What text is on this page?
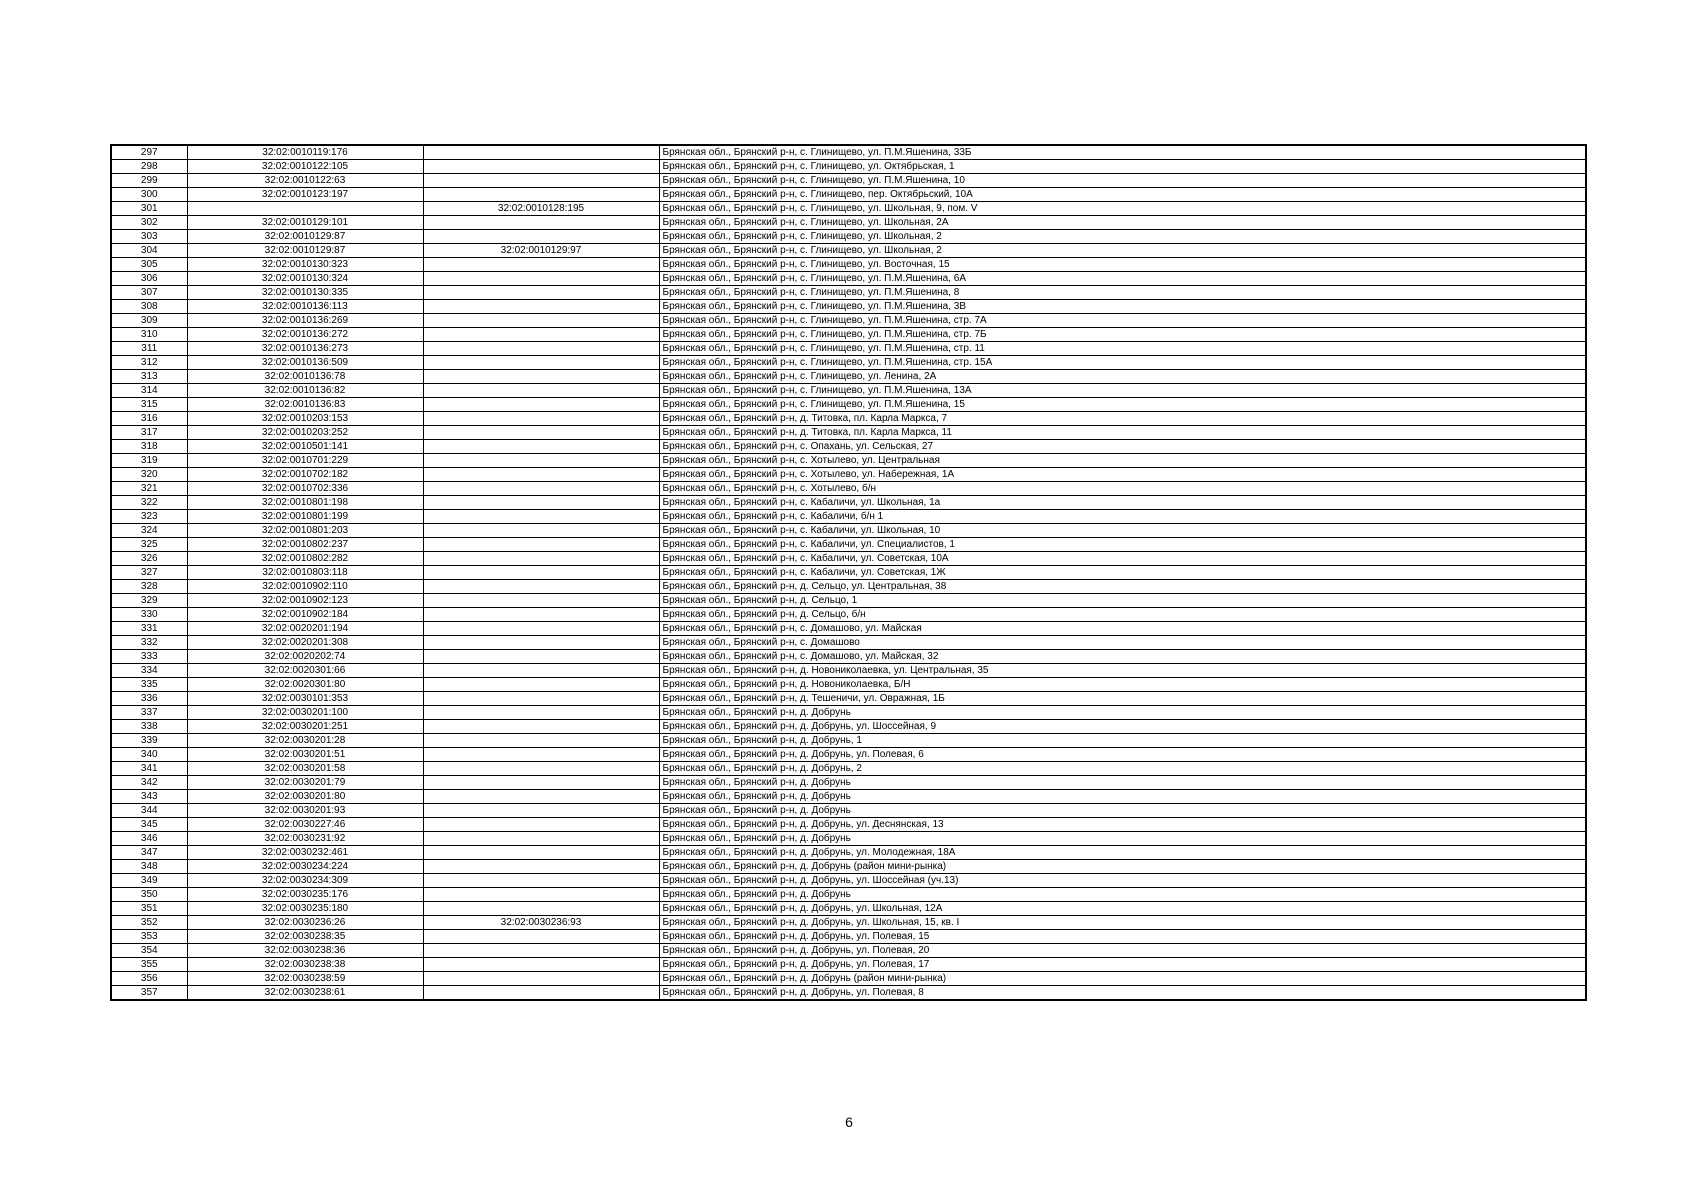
297	32:02:0010119:176		Брянская обл., Брянский р-н, с. Глинищево, ул. П.М.Яшенина, 33Б
298	32:02:0010122:105		Брянская обл., Брянский р-н, с. Глинищево, ул. Октябрьская, 1
299	32:02:0010122:63		Брянская обл., Брянский р-н, с. Глинищево, ул. П.М.Яшенина, 10
300	32:02:0010123:197		Брянская обл., Брянский р-н, с. Глинищево, пер. Октябрьский, 10А
301		32:02:0010128:195	Брянская обл., Брянский р-н, с. Глинищево, ул. Школьная, 9, пом. V
302	32:02:0010129:101		Брянская обл., Брянский р-н, с. Глинищево, ул. Школьная, 2А
303	32:02:0010129:87		Брянская обл., Брянский р-н, с. Глинищево, ул. Школьная, 2
304	32:02:0010129:87	32:02:0010129:97	Брянская обл., Брянский р-н, с. Глинищево, ул. Школьная, 2
305	32:02:0010130:323		Брянская обл., Брянский р-н, с. Глинищево, ул. Восточная, 15
306	32:02:0010130:324		Брянская обл., Брянский р-н, с. Глинищево, ул. П.М.Яшенина, 6А
307	32:02:0010130:335		Брянская обл., Брянский р-н, с. Глинищево, ул. П.М.Яшенина, 8
308	32:02:0010136:113		Брянская обл., Брянский р-н, с. Глинищево, ул. П.М.Яшенина, 3В
309	32:02:0010136:269		Брянская обл., Брянский р-н, с. Глинищево, ул. П.М.Яшенина, стр. 7А
310	32:02:0010136:272		Брянская обл., Брянский р-н, с. Глинищево, ул. П.М.Яшенина, стр. 7Б
311	32:02:0010136:273		Брянская обл., Брянский р-н, с. Глинищево, ул. П.М.Яшенина, стр. 11
312	32:02:0010136:509		Брянская обл., Брянский р-н, с. Глинищево, ул. П.М.Яшенина, стр. 15А
313	32:02:0010136:78		Брянская обл., Брянский р-н, с. Глинищево, ул. Ленина, 2А
314	32:02:0010136:82		Брянская обл., Брянский р-н, с. Глинищево, ул. П.М.Яшенина, 13А
315	32:02:0010136:83		Брянская обл., Брянский р-н, с. Глинищево, ул. П.М.Яшенина, 15
316	32:02:0010203:153		Брянская обл., Брянский р-н, д. Титовка, пл. Карла Маркса, 7
317	32:02:0010203:252		Брянская обл., Брянский р-н, д. Титовка, пл. Карла Маркса, 11
318	32:02:0010501:141		Брянская обл., Брянский р-н, с. Опахань, ул. Сельская, 27
319	32:02:0010701:229		Брянская обл., Брянский р-н, с. Хотылево, ул. Центральная
320	32:02:0010702:182		Брянская обл., Брянский р-н, с. Хотылево, ул. Набережная, 1А
321	32:02:0010702:336		Брянская обл., Брянский р-н, с. Хотылево, б/н
322	32:02:0010801:198		Брянская обл., Брянский р-н, с. Кабаличи, ул. Школьная, 1а
323	32:02:0010801:199		Брянская обл., Брянский р-н, с. Кабаличи, б/н 1
324	32:02:0010801:203		Брянская обл., Брянский р-н, с. Кабаличи, ул. Школьная, 10
325	32:02:0010802:237		Брянская обл., Брянский р-н, с. Кабаличи, ул. Специалистов, 1
326	32:02:0010802:282		Брянская обл., Брянский р-н, с. Кабаличи, ул. Советская, 10А
327	32:02:0010803:118		Брянская обл., Брянский р-н, с. Кабаличи, ул. Советская, 1Ж
328	32:02:0010902:110		Брянская обл., Брянский р-н, д. Сельцо, ул. Центральная, 38
329	32:02:0010902:123		Брянская обл., Брянский р-н, д. Сельцо, 1
330	32:02:0010902:184		Брянская обл., Брянский р-н, д. Сельцо, б/н
331	32:02:0020201:194		Брянская обл., Брянский р-н, с. Домашово, ул. Майская
332	32:02:0020201:308		Брянская обл., Брянский р-н, с. Домашово
333	32:02:0020202:74		Брянская обл., Брянский р-н, с. Домашово, ул. Майская, 32
334	32:02:0020301:66		Брянская обл., Брянский р-н, д. Новониколаевка, ул. Центральная, 35
335	32:02:0020301:80		Брянская обл., Брянский р-н, д. Новониколаевка, Б/Н
336	32:02:0030101:353		Брянская обл., Брянский р-н, д. Тешеничи, ул. Овражная, 1Б
337	32:02:0030201:100		Брянская обл., Брянский р-н, д. Добрунь
338	32:02:0030201:251		Брянская обл., Брянский р-н, д. Добрунь, ул. Шоссейная, 9
339	32:02:0030201:28		Брянская обл., Брянский р-н, д. Добрунь, 1
340	32:02:0030201:51		Брянская обл., Брянский р-н, д. Добрунь, ул. Полевая, 6
341	32:02:0030201:58		Брянская обл., Брянский р-н, д. Добрунь, 2
342	32:02:0030201:79		Брянская обл., Брянский р-н, д. Добрунь
343	32:02:0030201:80		Брянская обл., Брянский р-н, д. Добрунь
344	32:02:0030201:93		Брянская обл., Брянский р-н, д. Добрунь
345	32:02:0030227:46		Брянская обл., Брянский р-н, д. Добрунь, ул. Деснянская, 13
346	32:02:0030231:92		Брянская обл., Брянский р-н, д. Добрунь
347	32:02:0030232:461		Брянская обл., Брянский р-н, д. Добрунь, ул. Молодежная, 18А
348	32:02:0030234:224		Брянская обл., Брянский р-н, д. Добрунь (район мини-рынка)
349	32:02:0030234:309		Брянская обл., Брянский р-н, д. Добрунь, ул. Шоссейная (уч.13)
350	32:02:0030235:176		Брянская обл., Брянский р-н, д. Добрунь
351	32:02:0030235:180		Брянская обл., Брянский р-н, д. Добрунь, ул. Школьная, 12А
352	32:02:0030236:26	32:02:0030236:93	Брянская обл., Брянский р-н, д. Добрунь, ул. Школьная, 15, кв. I
353	32:02:0030238:35		Брянская обл., Брянский р-н, д. Добрунь, ул. Полевая, 15
354	32:02:0030238:36		Брянская обл., Брянский р-н, д. Добрунь, ул. Полевая, 20
355	32:02:0030238:38		Брянская обл., Брянский р-н, д. Добрунь, ул. Полевая, 17
356	32:02:0030238:59		Брянская обл., Брянский р-н, д. Добрунь (район мини-рынка)
357	32:02:0030238:61		Брянская обл., Брянский р-н, д. Добрунь, ул. Полевая, 8
6
